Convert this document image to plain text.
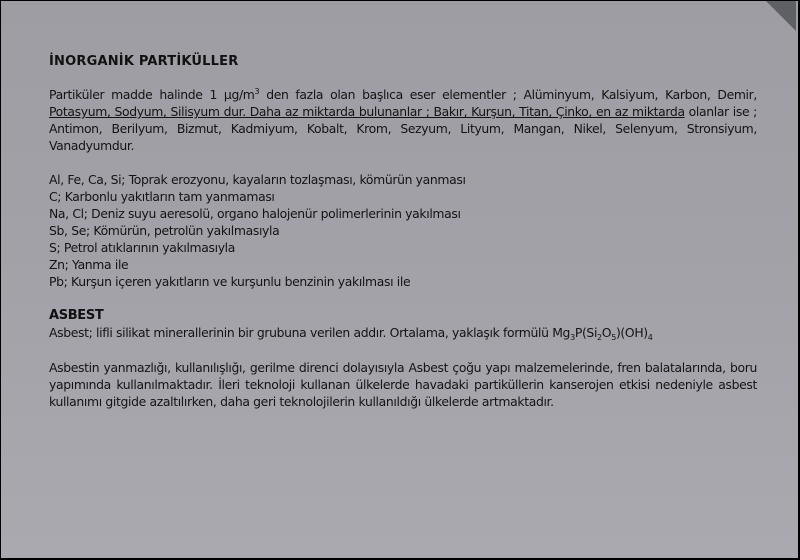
İNORGANİK PARTİKÜLLER

Partiküler madde halinde 1 $\mu g/m^3$ den fazla olan başlıca eser elementler ; Alüminyum, Kalsiyum, Karbon, Demir, Potasyum, Sodyum, Silisyum dur. Daha az miktarda bulunanlar ; Bakır, Kurşun, Titan, Çinko, en az miktarda olanlar ise ; Antimon, Berilyum, Bizmut, Kadmiyum, Kobalt, Krom, Sezyum, Lityum, Mangan, Nikel, Selenyum, Stronsiyum, Vanadyumdur.

Al, Fe, Ca, Si; Toprak erozyonu, kayaların tozlaşması, kömürün yanması
C; Karbonlu yakıtların tam yanmaması
Na, Cl; Deniz suyu aeresolü, organo halojenür polimerlerinin yakılması
Sb, Se; Kömürün, petrolün yakılmasıyla
S; Petrol atıklarının yakılmasıyla
Zn; Yanma ile
Pb; Kurşun içeren yakıtların ve kurşunlu benzinin yakılması ile
ASBEST

Asbest; lifli silikat minerallerinin bir grubuna verilen addır. Ortalama, yaklaşık formülü $Mg_3P(Si_2O_5)(OH)_4$

Asbestin yanmazlığı, kullanılışlığı, gerilme direnci dolayısıyla Asbest çoğu yapı malzemelerinde, fren balatalarında, boru yapımında kullanılmaktadır. İleri teknoloji kullanan ülkelerde havadaki partiküllerin kanserojen etkisi nedeniyle asbest kullanımı gitgide azaltılırken, daha geri teknolojilerin kullanıldığı ülkelerde artmaktadır.
